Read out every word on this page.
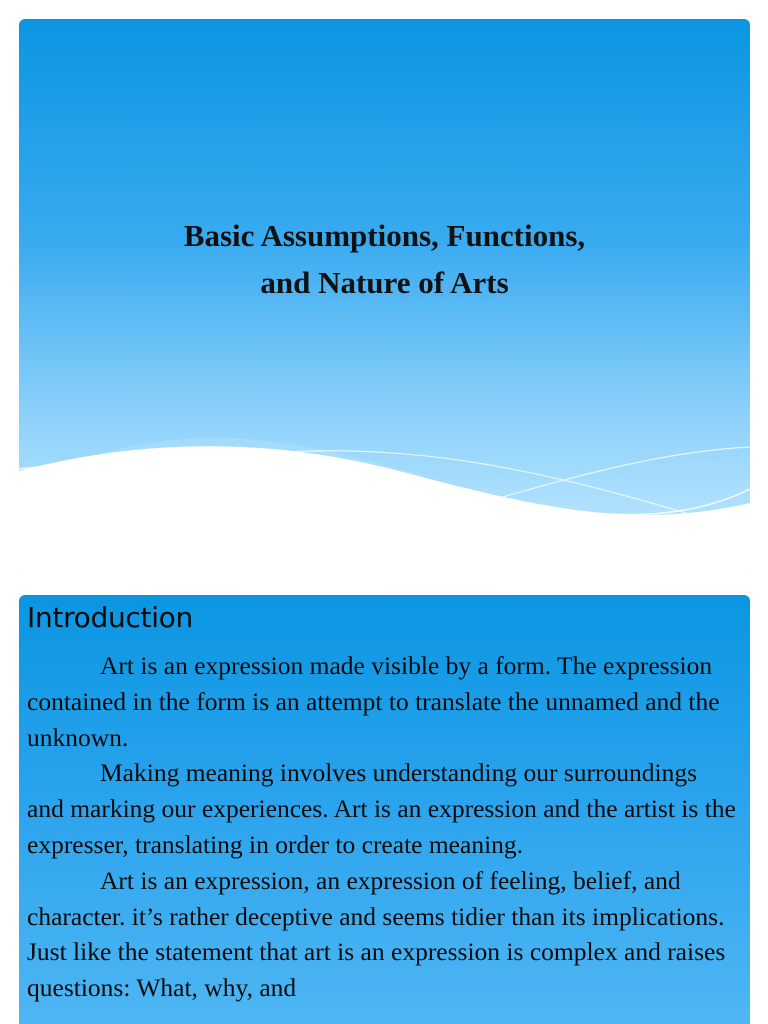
Basic Assumptions, Functions,
and Nature of Arts
Introduction

Art is an expression made visible by a form. The expression contained in the form is an attempt to translate the unnamed and the unknown.

Making meaning involves understanding our surroundings and marking our experiences. Art is an expression and the artist is the expresser, translating in order to create meaning.

Art is an expression, an expression of feeling, belief, and character. it’s rather deceptive and seems tidier than its implications. Just like the statement that art is an expression is complex and raises questions: What, why, and
